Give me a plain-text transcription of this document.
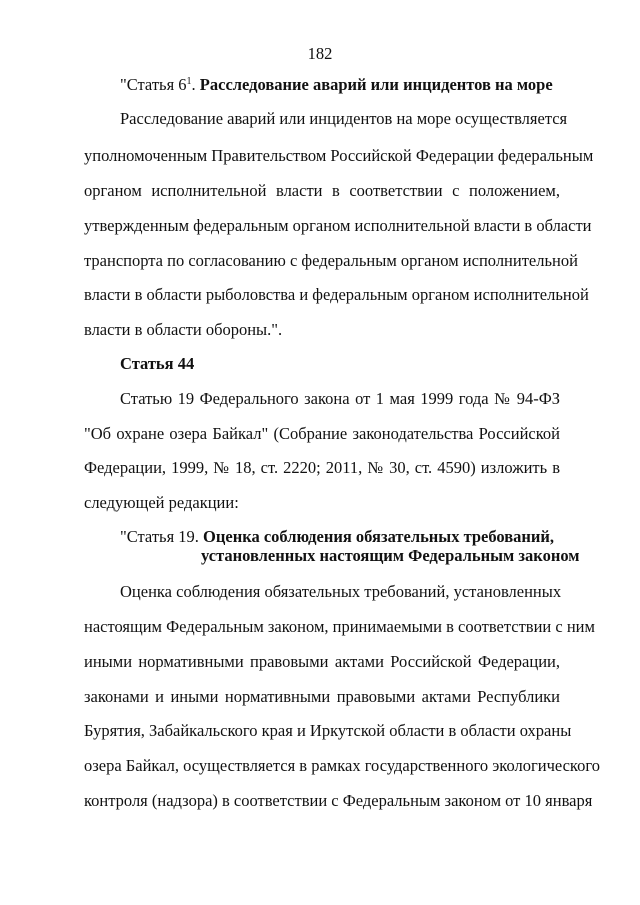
182
"Статья $6^1$. Расследование аварий или инцидентов на море
Расследование аварий или инцидентов на море осуществляется
уполномоченным Правительством Российской Федерации федеральным
органом исполнительной власти в соответствии с положением,
утвержденным федеральным органом исполнительной власти в области
транспорта по согласованию с федеральным органом исполнительной
власти в области рыболовства и федеральным органом исполнительной
власти в области обороны.".
Статья 44
Статью 19 Федерального закона от 1 мая 1999 года № 94-ФЗ
"Об охране озера Байкал" (Собрание законодательства Российской
Федерации, 1999, № 18, ст. 2220; 2011, № 30, ст. 4590) изложить в
следующей редакции:
"Статья 19. Оценка соблюдения обязательных требований,
установленных настоящим Федеральным законом
Оценка соблюдения обязательных требований, установленных
настоящим Федеральным законом, принимаемыми в соответствии с ним
иными нормативными правовыми актами Российской Федерации,
законами и иными нормативными правовыми актами Республики
Бурятия, Забайкальского края и Иркутской области в области охраны
озера Байкал, осуществляется в рамках государственного экологического
контроля (надзора) в соответствии с Федеральным законом от 10 января
